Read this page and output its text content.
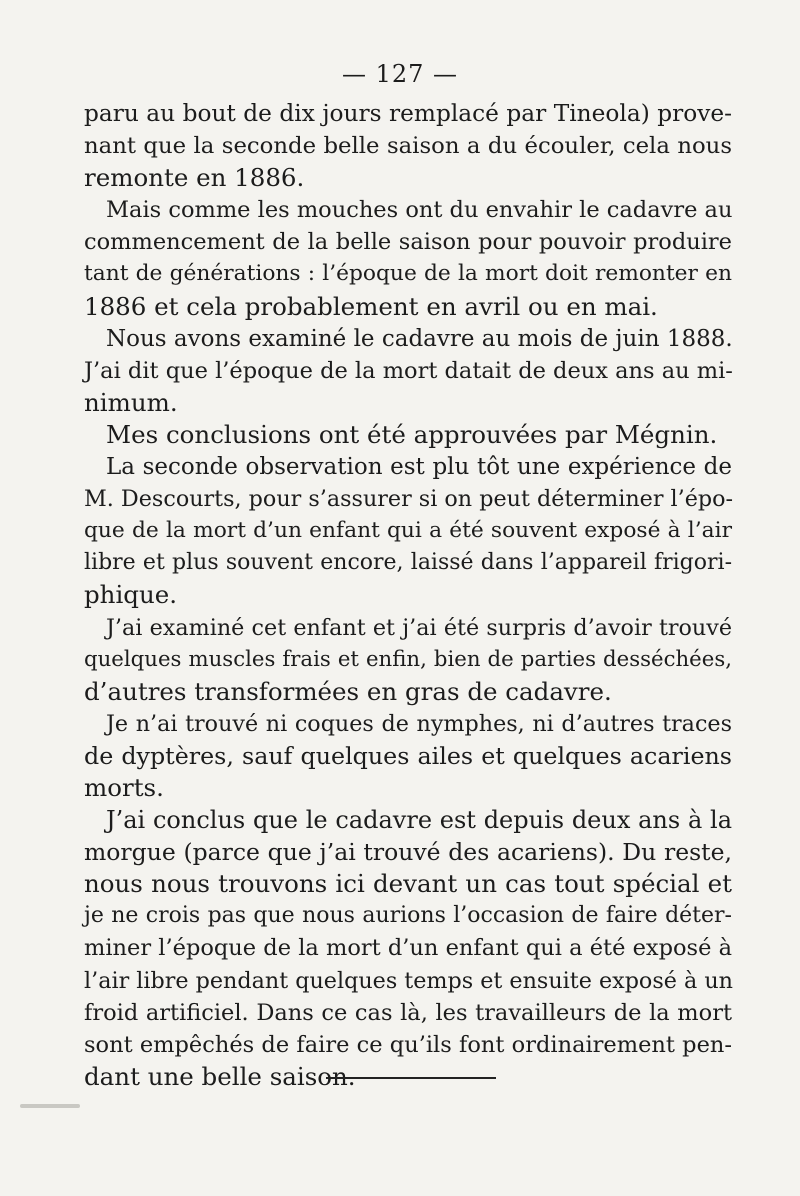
— 127 —
paru au bout de dix jours remplacé par Tineola) prove-
nant que la seconde belle saison a du écouler, cela nous
remonte en 1886.
Mais comme les mouches ont du envahir le cadavre au
commencement de la belle saison pour pouvoir produire
tant de générations : l’époque de la mort doit remonter en
1886 et cela probablement en avril ou en mai.
Nous avons examiné le cadavre au mois de juin 1888.
J’ai dit que l’époque de la mort datait de deux ans au mi-
nimum.
Mes conclusions ont été approuvées par Mégnin.
La seconde observation est plu tôt une expérience de
M. Descourts, pour s’assurer si on peut déterminer l’épo-
que de la mort d’un enfant qui a été souvent exposé à l’air
libre et plus souvent encore, laissé dans l’appareil frigori-
phique.
J’ai examiné cet enfant et j’ai été surpris d’avoir trouvé
quelques muscles frais et enfin, bien de parties desséchées,
d’autres transformées en gras de cadavre.
Je n’ai trouvé ni coques de nymphes, ni d’autres traces
de dyptères, sauf quelques ailes et quelques acariens
morts.
J’ai conclus que le cadavre est depuis deux ans à la
morgue (parce que j’ai trouvé des acariens). Du reste,
nous nous trouvons ici devant un cas tout spécial et
je ne crois pas que nous aurions l’occasion de faire déter-
miner l’époque de la mort d’un enfant qui a été exposé à
l’air libre pendant quelques temps et ensuite exposé à un
froid artificiel. Dans ce cas là, les travailleurs de la mort
sont empêchés de faire ce qu’ils font ordinairement pen-
dant une belle saison.
